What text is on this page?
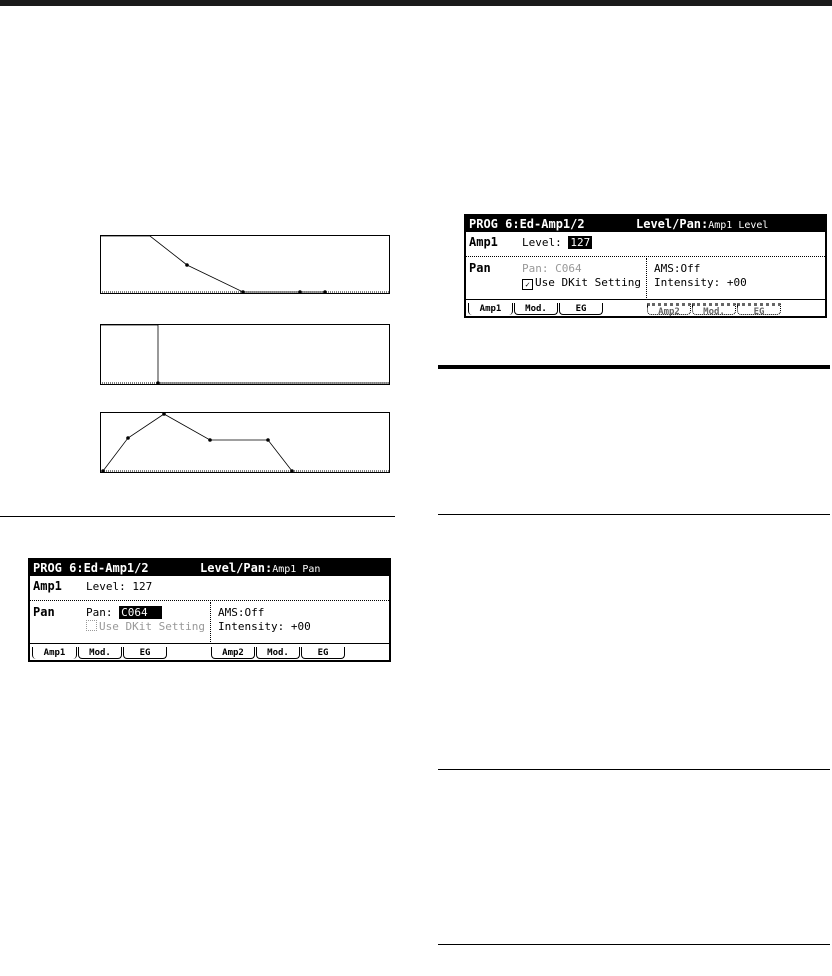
PROG 6:Ed-Amp1/2	Level/Pan:Amp1 Pan
Amp1 Level: 127
Pan	Pan: C064
Use DKit Setting
AMS:Off
Intensity: +00
Amp1	Mod.	EG	Amp2	Mod.	EG
PROG 6:Ed-Amp1/2	Level/Pan:Amp1 Level
Amp1 Level: 127
Pan	Pan: C064
✓ Use DKit Setting
AMS:Off
Intensity: +00
Amp1	Mod.	EG	Amp2	Mod.	EG
